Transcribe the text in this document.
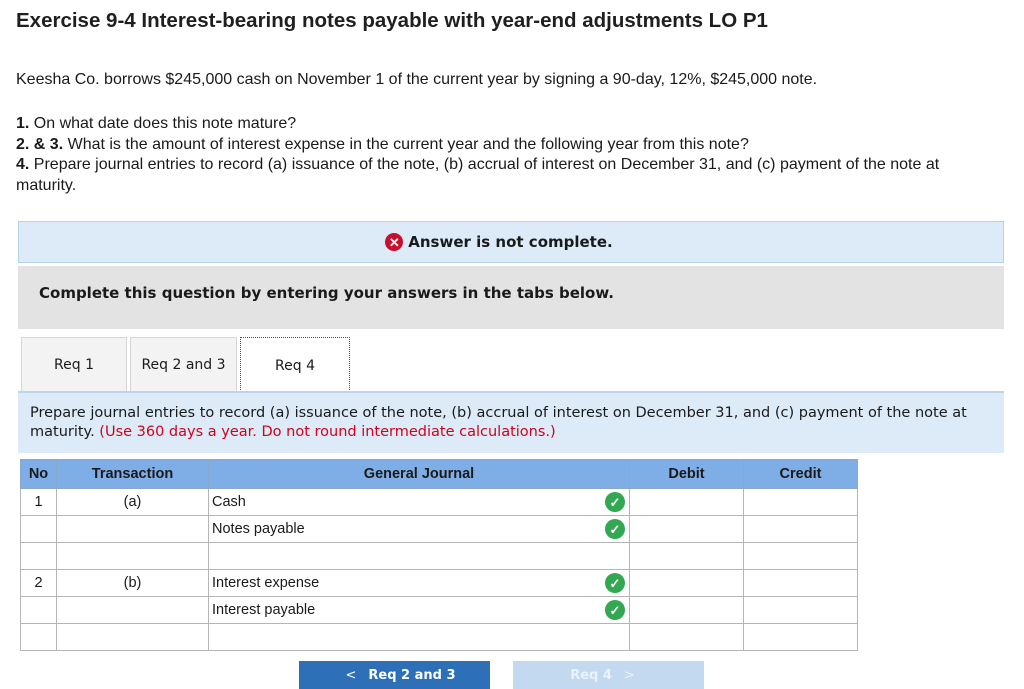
Exercise 9-4 Interest-bearing notes payable with year-end adjustments LO P1
Keesha Co. borrows $245,000 cash on November 1 of the current year by signing a 90-day, 12%, $245,000 note.
1. On what date does this note mature?
2. & 3. What is the amount of interest expense in the current year and the following year from this note?
4. Prepare journal entries to record (a) issuance of the note, (b) accrual of interest on December 31, and (c) payment of the note at
maturity.
✕ Answer is not complete.
Complete this question by entering your answers in the tabs below.
Req 1	Req 2 and 3	Req 4
Prepare journal entries to record (a) issuance of the note, (b) accrual of interest on December 31, and (c) payment of the note at maturity. (Use 360 days a year. Do not round intermediate calculations.)
No	Transaction	General Journal	Debit	Credit
1	(a)	Cash ✓		

		Notes payable ✓		

2	(b)	Interest expense ✓		

		Interest payable ✓		

< Req 2 and 3	Req 4 >
